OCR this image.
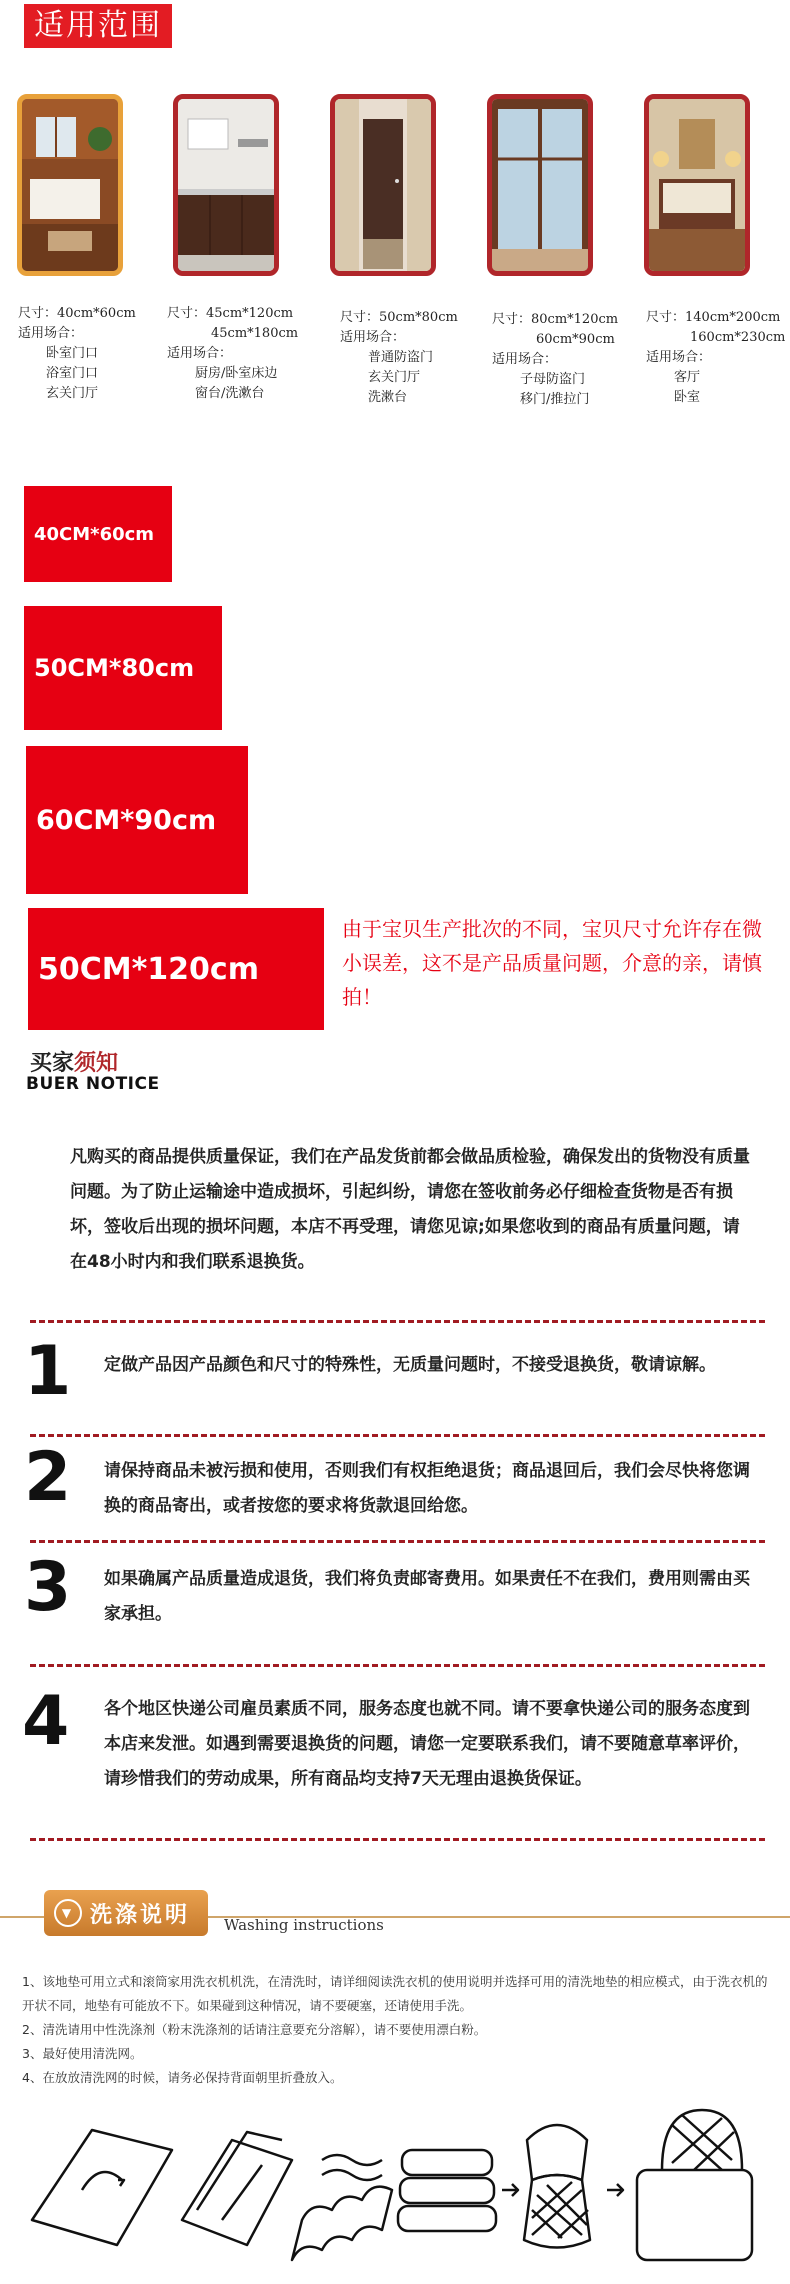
适用范围
尺寸：40cm*60cm
适用场合：
卧室门口
浴室门口
玄关门厅
尺寸：45cm*120cm
45cm*180cm
适用场合：
厨房/卧室床边
窗台/洗漱台
尺寸：50cm*80cm
适用场合：
普通防盗门
玄关门厅
洗漱台
尺寸：80cm*120cm
60cm*90cm
适用场合：
子母防盗门
移门/推拉门
尺寸：140cm*200cm
160cm*230cm
适用场合：
客厅
卧室
40CM*60cm
50CM*80cm
60CM*90cm
50CM*120cm
由于宝贝生产批次的不同，宝贝尺寸允许存在微小误差，这不是产品质量问题，介意的亲，请慎拍！
买家须知
BUER NOTICE
凡购买的商品提供质量保证，我们在产品发货前都会做品质检验，确保发出的货物没有质量问题。为了防止运输途中造成损坏，引起纠纷，请您在签收前务必仔细检查货物是否有损坏，签收后出现的损坏问题，本店不再受理，请您见谅;如果您收到的商品有质量问题，请在48小时内和我们联系退换货。
1 定做产品因产品颜色和尺寸的特殊性，无质量问题时，不接受退换货，敬请谅解。
2 请保持商品未被污损和使用，否则我们有权拒绝退货；商品退回后，我们会尽快将您调换的商品寄出，或者按您的要求将货款退回给您。
3 如果确属产品质量造成退货，我们将负责邮寄费用。如果责任不在我们，费用则需由买家承担。
4 各个地区快递公司雇员素质不同，服务态度也就不同。请不要拿快递公司的服务态度到本店来发泄。如遇到需要退换货的问题，请您一定要联系我们，请不要随意草率评价，请珍惜我们的劳动成果，所有商品均支持7天无理由退换货保证。
▼ 洗涤说明 Washing instructions
1、该地垫可用立式和滚筒家用洗衣机机洗，在清洗时，请详细阅读洗衣机的使用说明并选择可用的清洗地垫的相应模式，由于洗衣机的开状不同，地垫有可能放不下。如果碰到这种情况，请不要硬塞，还请使用手洗。
2、清洗请用中性洗涤剂（粉末洗涤剂的话请注意要充分溶解），请不要使用漂白粉。
3、最好使用清洗网。
4、在放放清洗网的时候，请务必保持背面朝里折叠放入。
